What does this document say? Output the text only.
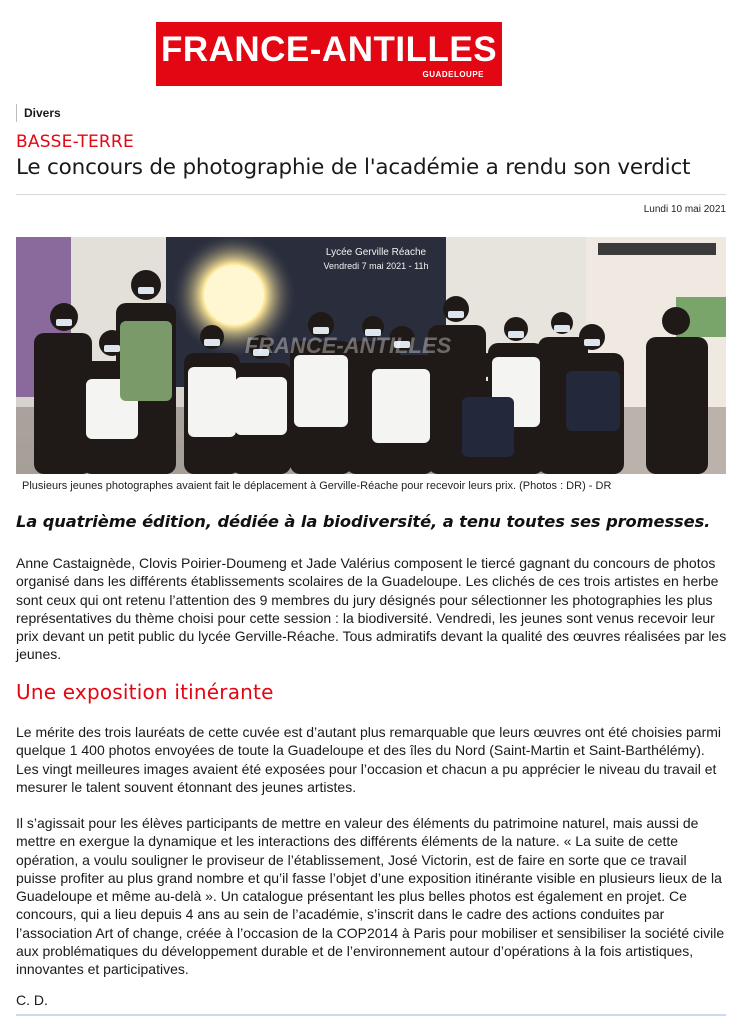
FRANCE-ANTILLES
GUADELOUPE
Divers
BASSE-TERRE
Le concours de photographie de l'académie a rendu son verdict
Lundi 10 mai 2021
Lycée Gerville Réache
Vendredi 7 mai 2021 - 11h
FRANCE-ANTILLES
Plusieurs jeunes photographes avaient fait le déplacement à Gerville-Réache pour recevoir leurs prix. (Photos : DR) - DR
La quatrième édition, dédiée à la biodiversité, a tenu toutes ses promesses.
Anne Castaignède, Clovis Poirier-Doumeng et Jade Valérius composent le tiercé gagnant du concours de photos organisé dans les différents établissements scolaires de la Guadeloupe. Les clichés de ces trois artistes en herbe sont ceux qui ont retenu l’attention des 9 membres du jury désignés pour sélectionner les photographies les plus représentatives du thème choisi pour cette session : la biodiversité. Vendredi, les jeunes sont venus recevoir leur prix devant un petit public du lycée Gerville-Réache. Tous admiratifs devant la qualité des œuvres réalisées par les jeunes.
Une exposition itinérante
Le mérite des trois lauréats de cette cuvée est d’autant plus remarquable que leurs œuvres ont été choisies parmi quelque 1 400 photos envoyées de toute la Guadeloupe et des îles du Nord (Saint-Martin et Saint-Barthélémy). Les vingt meilleures images avaient été exposées pour l’occasion et chacun a pu apprécier le niveau du travail et mesurer le talent souvent étonnant des jeunes artistes.
Il s’agissait pour les élèves participants de mettre en valeur des éléments du patrimoine naturel, mais aussi de mettre en exergue la dynamique et les interactions des différents éléments de la nature. « La suite de cette opération, a voulu souligner le proviseur de l’établissement, José Victorin, est de faire en sorte que ce travail puisse profiter au plus grand nombre et qu’il fasse l’objet d’une exposition itinérante visible en plusieurs lieux de la Guadeloupe et même au-delà ». Un catalogue présentant les plus belles photos est également en projet. Ce concours, qui a lieu depuis 4 ans au sein de l’académie, s’inscrit dans le cadre des actions conduites par l’association Art of change, créée à l’occasion de la COP2014 à Paris pour mobiliser et sensibiliser la société civile aux problématiques du développement durable et de l’environnement autour d’opérations à la fois artistiques, innovantes et participatives.
C. D.
